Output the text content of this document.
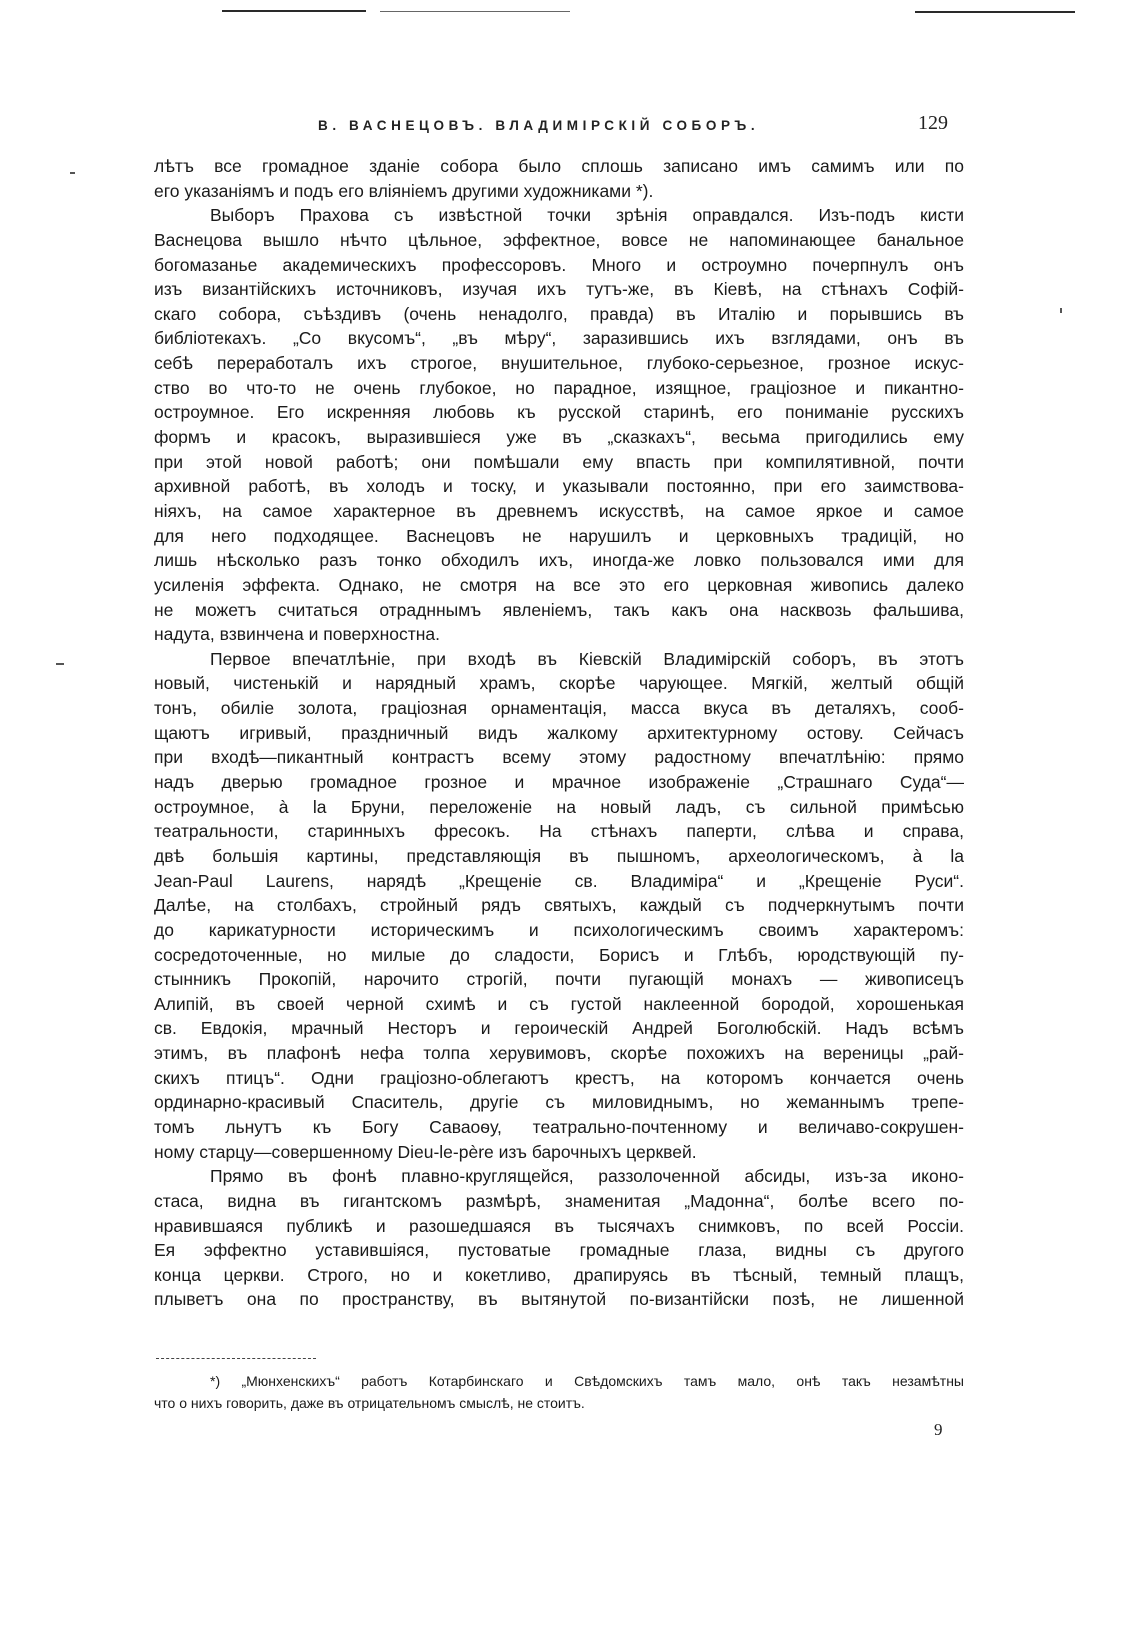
В. ВАСНЕЦОВЪ. ВЛАДИМІРСКІЙ СОБОРЪ.	129
лѣтъ все громадное зданіе собора было сплошь записано имъ самимъ или по
его указаніямъ и подъ его вліяніемъ другими художниками *).
Выборъ Прахова съ извѣстной точки зрѣнія оправдался. Изъ-подъ кисти
Васнецова вышло нѣчто цѣльное, эффектное, вовсе не напоминающее банальное
богомазанье академическихъ профессоровъ. Много и остроумно почерпнулъ онъ
изъ византійскихъ источниковъ, изучая ихъ тутъ-же, въ Кіевѣ, на стѣнахъ Софій-
скаго собора, съѣздивъ (очень ненадолго, правда) въ Италію и порывшись въ
библіотекахъ. „Со вкусомъ“, „въ мѣру“, заразившись ихъ взглядами, онъ въ
себѣ переработалъ ихъ строгое, внушительное, глубоко-серьезное, грозное искус-
ство во что-то не очень глубокое, но парадное, изящное, граціозное и пикантно-
остроумное. Его искренняя любовь къ русской старинѣ, его пониманіе русскихъ
формъ и красокъ, выразившіеся уже въ „сказкахъ“, весьма пригодились ему
при этой новой работѣ; они помѣшали ему впасть при компилятивной, почти
архивной работѣ, въ холодъ и тоску, и указывали постоянно, при его заимствова-
ніяхъ, на самое характерное въ древнемъ искусствѣ, на самое яркое и самое
для него подходящее. Васнецовъ не нарушилъ и церковныхъ традицій, но
лишь нѣсколько разъ тонко обходилъ ихъ, иногда-же ловко пользовался ими для
усиленія эффекта. Однако, не смотря на все это его церковная живопись далеко
не можетъ считаться отрадннымъ явленіемъ, такъ какъ она насквозь фальшива,
надута, взвинчена и поверхностна.
Первое впечатлѣніе, при входѣ въ Кіевскій Владимірскій соборъ, въ этотъ
новый, чистенькій и нарядный храмъ, скорѣе чарующее. Мягкій, желтый общій
тонъ, обиліе золота, граціозная орнаментація, масса вкуса въ деталяхъ, сооб-
щаютъ игривый, праздничный видъ жалкому архитектурному остову. Сейчасъ
при входѣ—пикантный контрастъ всему этому радостному впечатлѣнію: прямо
надъ дверью громадное грозное и мрачное изображеніе „Страшнаго Суда“—
остроумное, à la Бруни, переложеніе на новый ладъ, съ сильной примѣсью
театральности, старинныхъ фресокъ. На стѣнахъ паперти, слѣва и справа,
двѣ большія картины, представляющія въ пышномъ, археологическомъ, à la
Jean-Paul Laurens, нарядѣ „Крещеніе св. Владиміра“ и „Крещеніе Руси“.
Далѣе, на столбахъ, стройный рядъ святыхъ, каждый съ подчеркнутымъ почти
до карикатурности историческимъ и психологическимъ своимъ характеромъ:
сосредоточенные, но милые до сладости, Борисъ и Глѣбъ, юродствующій пу-
стынникъ Прокопій, нарочито строгій, почти пугающій монахъ — живописецъ
Алипій, въ своей черной схимѣ и съ густой наклеенной бородой, хорошенькая
св. Евдокія, мрачный Несторъ и героическій Андрей Боголюбскій. Надъ всѣмъ
этимъ, въ плафонѣ нефа толпа херувимовъ, скорѣе похожихъ на вереницы „рай-
скихъ птицъ“. Одни граціозно-облегаютъ крестъ, на которомъ кончается очень
ординарно-красивый Спаситель, другіе съ миловиднымъ, но жеманнымъ трепе-
томъ льнутъ къ Богу Саваоѳу, театрально-почтенному и величаво-сокрушен-
ному старцу—совершенному Dieu-le-père изъ барочныхъ церквей.
Прямо въ фонѣ плавно-круглящейся, раззолоченной абсиды, изъ-за иконо-
стаса, видна въ гигантскомъ размѣрѣ, знаменитая „Мадонна“, болѣе всего по-
нравившаяся публикѣ и разошедшаяся въ тысячахъ снимковъ, по всей Россіи.
Ея эффектно уставившіяся, пустоватые громадные глаза, видны съ другого
конца церкви. Строго, но и кокетливо, драпируясь въ тѣсный, темный плащъ,
плыветъ она по пространству, въ вытянутой по-византійски позѣ, не лишенной
*) „Мюнхенскихъ“ работъ Котарбинскаго и Свѣдомскихъ тамъ мало, онѣ такъ незамѣтны
что о нихъ говорить, даже въ отрицательномъ смыслѣ, не стоитъ.
9
